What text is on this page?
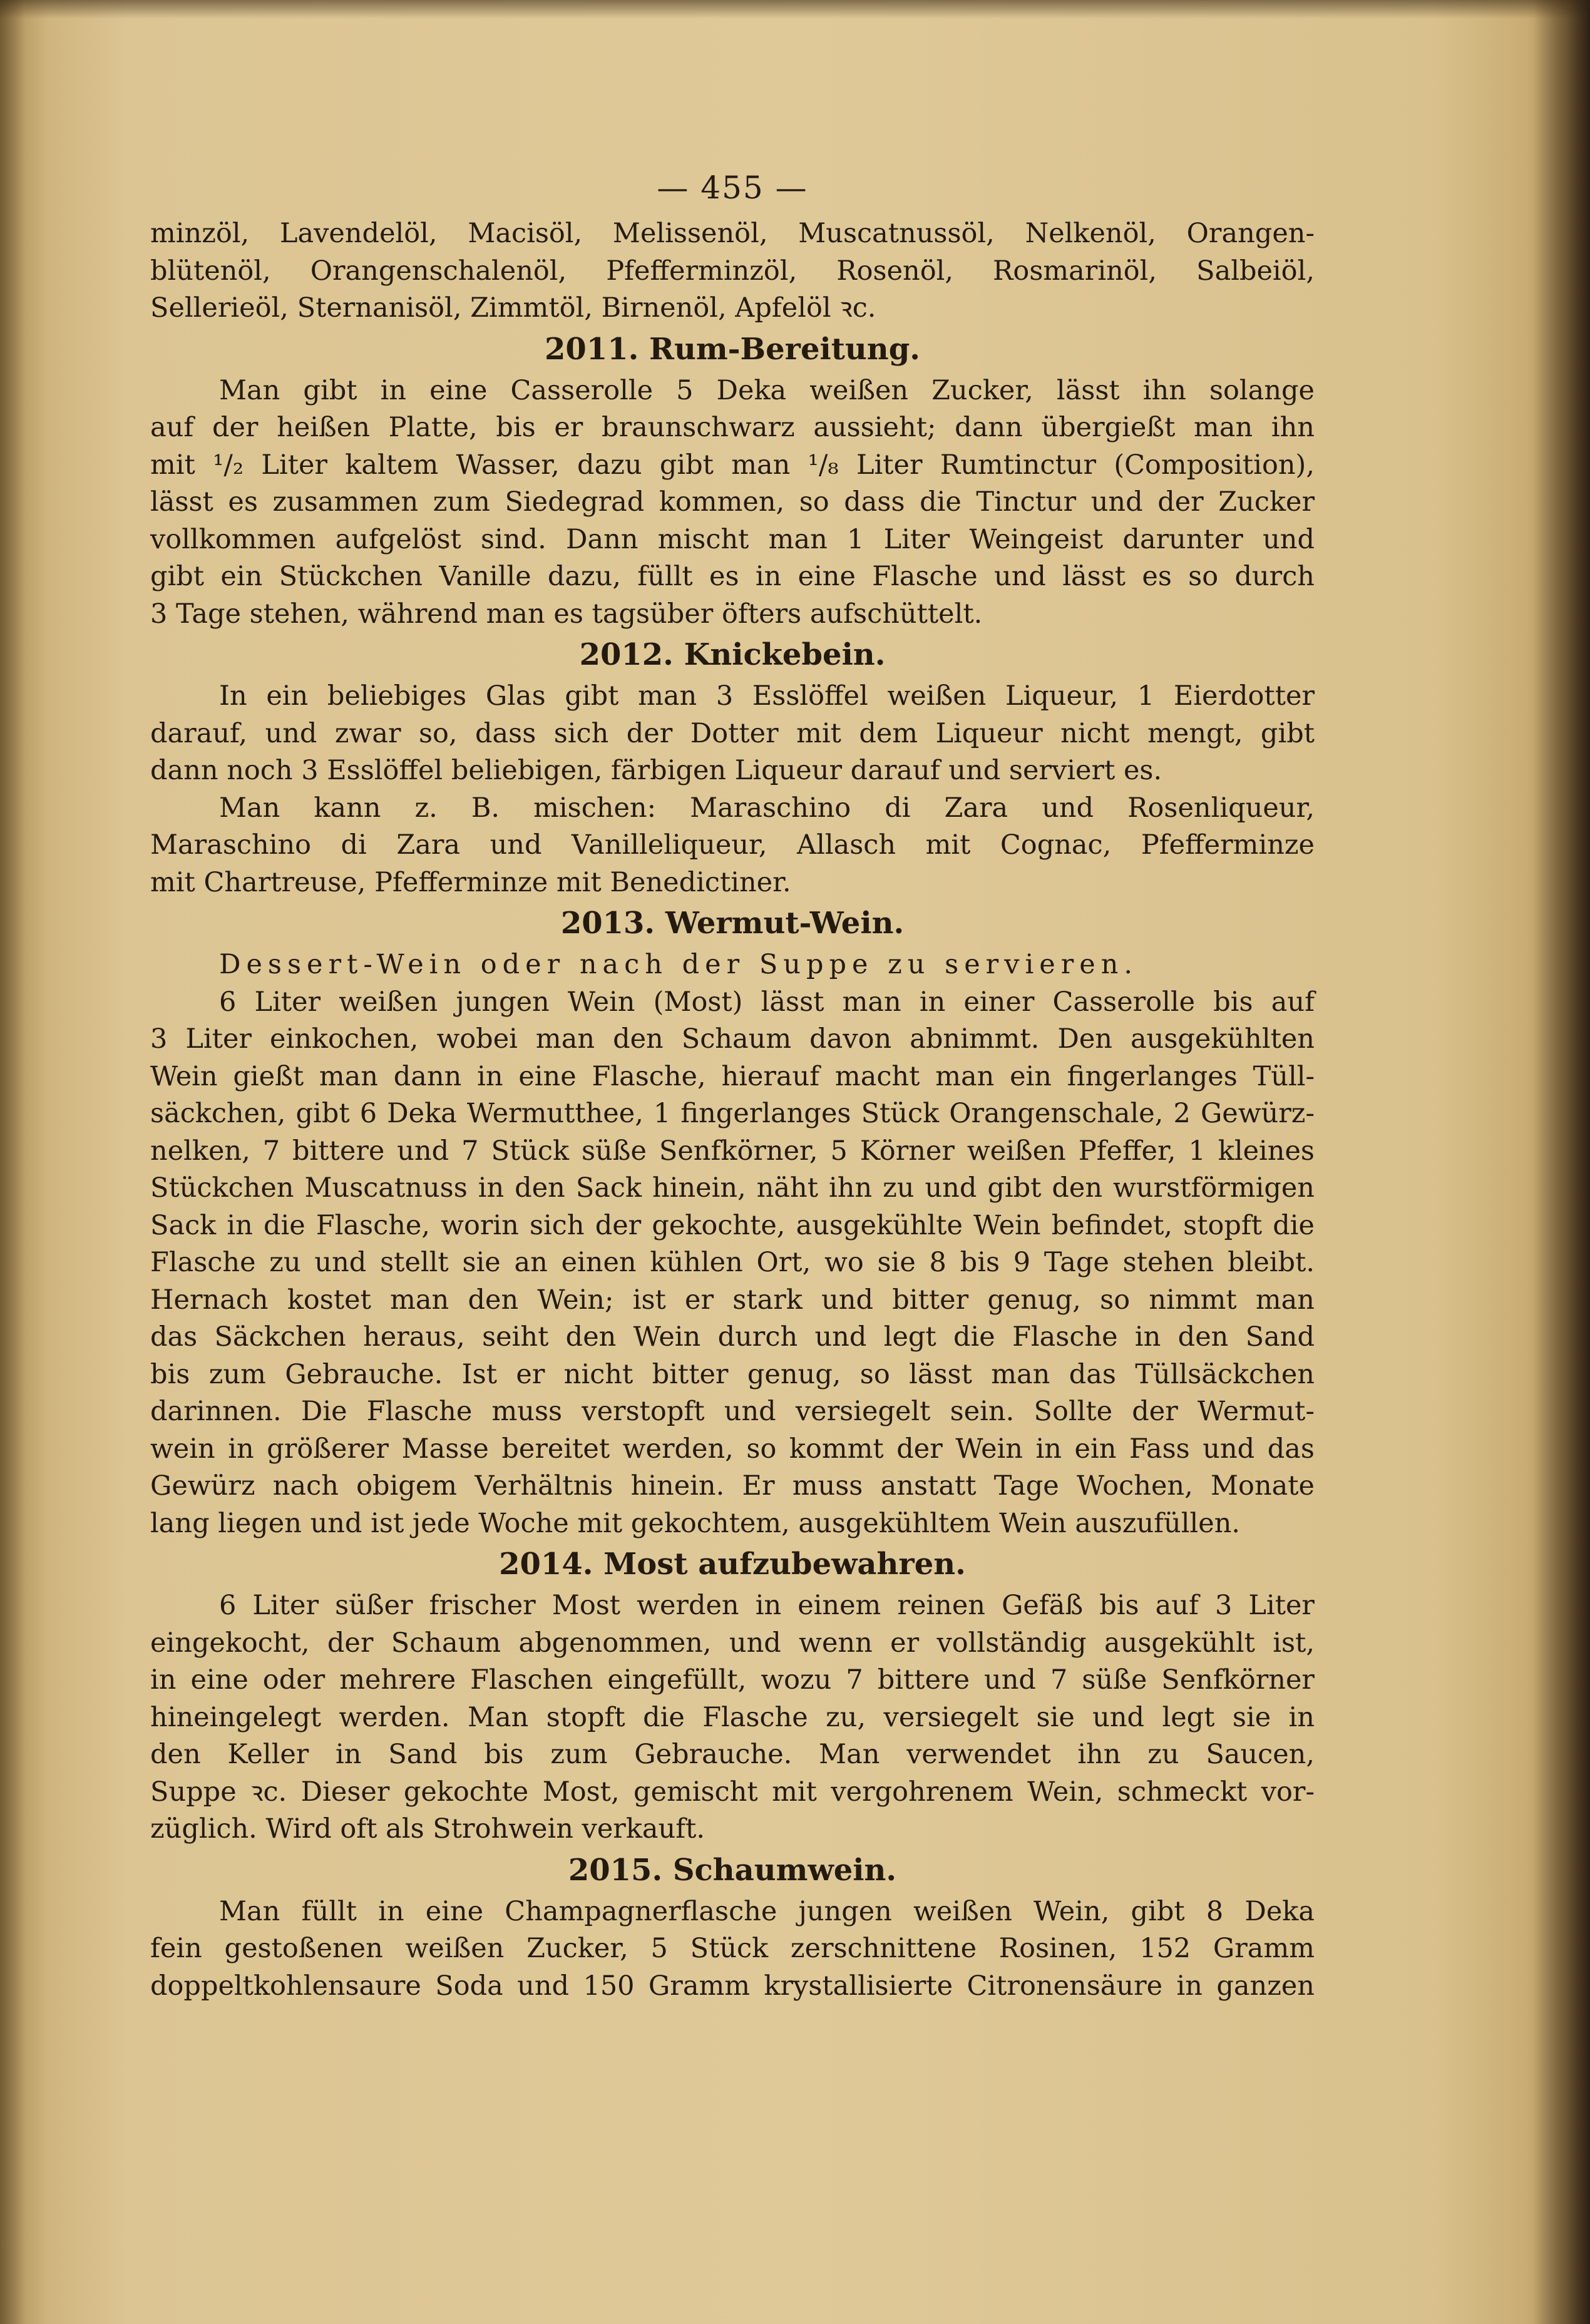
— 455 —
minzöl, Lavendelöl, Macisöl, Melissenöl, Muscatnussöl, Nelkenöl, Orangen-
blütenöl, Orangenschalenöl, Pfefferminzöl, Rosenöl, Rosmarinöl, Salbeiöl,
Sellerieöl, Sternanisöl, Zimmtöl, Birnenöl, Apfelöl ꝛc.
2011. Rum-Bereitung.
Man gibt in eine Casserolle 5 Deka weißen Zucker, lässt ihn solange
auf der heißen Platte, bis er braunschwarz aussieht; dann übergießt man ihn
mit ¹/₂ Liter kaltem Wasser, dazu gibt man ¹/₈ Liter Rumtinctur (Composition),
lässt es zusammen zum Siedegrad kommen, so dass die Tinctur und der Zucker
vollkommen aufgelöst sind. Dann mischt man 1 Liter Weingeist darunter und
gibt ein Stückchen Vanille dazu, füllt es in eine Flasche und lässt es so durch
3 Tage stehen, während man es tagsüber öfters aufschüttelt.
2012. Knickebein.
In ein beliebiges Glas gibt man 3 Esslöffel weißen Liqueur, 1 Eierdotter
darauf, und zwar so, dass sich der Dotter mit dem Liqueur nicht mengt, gibt
dann noch 3 Esslöffel beliebigen, färbigen Liqueur darauf und serviert es.
Man kann z. B. mischen: Maraschino di Zara und Rosenliqueur,
Maraschino di Zara und Vanilleliqueur, Allasch mit Cognac, Pfefferminze
mit Chartreuse, Pfefferminze mit Benedictiner.
2013. Wermut-Wein.
Dessert-Wein oder nach der Suppe zu servieren.
6 Liter weißen jungen Wein (Most) lässt man in einer Casserolle bis auf
3 Liter einkochen, wobei man den Schaum davon abnimmt. Den ausgekühlten
Wein gießt man dann in eine Flasche, hierauf macht man ein fingerlanges Tüll-
säckchen, gibt 6 Deka Wermutthee, 1 fingerlanges Stück Orangenschale, 2 Gewürz-
nelken, 7 bittere und 7 Stück süße Senfkörner, 5 Körner weißen Pfeffer, 1 kleines
Stückchen Muscatnuss in den Sack hinein, näht ihn zu und gibt den wurstförmigen
Sack in die Flasche, worin sich der gekochte, ausgekühlte Wein befindet, stopft die
Flasche zu und stellt sie an einen kühlen Ort, wo sie 8 bis 9 Tage stehen bleibt.
Hernach kostet man den Wein; ist er stark und bitter genug, so nimmt man
das Säckchen heraus, seiht den Wein durch und legt die Flasche in den Sand
bis zum Gebrauche. Ist er nicht bitter genug, so lässt man das Tüllsäckchen
darinnen. Die Flasche muss verstopft und versiegelt sein. Sollte der Wermut-
wein in größerer Masse bereitet werden, so kommt der Wein in ein Fass und das
Gewürz nach obigem Verhältnis hinein. Er muss anstatt Tage Wochen, Monate
lang liegen und ist jede Woche mit gekochtem, ausgekühltem Wein auszufüllen.
2014. Most aufzubewahren.
6 Liter süßer frischer Most werden in einem reinen Gefäß bis auf 3 Liter
eingekocht, der Schaum abgenommen, und wenn er vollständig ausgekühlt ist,
in eine oder mehrere Flaschen eingefüllt, wozu 7 bittere und 7 süße Senfkörner
hineingelegt werden. Man stopft die Flasche zu, versiegelt sie und legt sie in
den Keller in Sand bis zum Gebrauche. Man verwendet ihn zu Saucen,
Suppe ꝛc. Dieser gekochte Most, gemischt mit vergohrenem Wein, schmeckt vor-
züglich. Wird oft als Strohwein verkauft.
2015. Schaumwein.
Man füllt in eine Champagnerflasche jungen weißen Wein, gibt 8 Deka
fein gestoßenen weißen Zucker, 5 Stück zerschnittene Rosinen, 152 Gramm
doppeltkohlensaure Soda und 150 Gramm krystallisierte Citronensäure in ganzen
